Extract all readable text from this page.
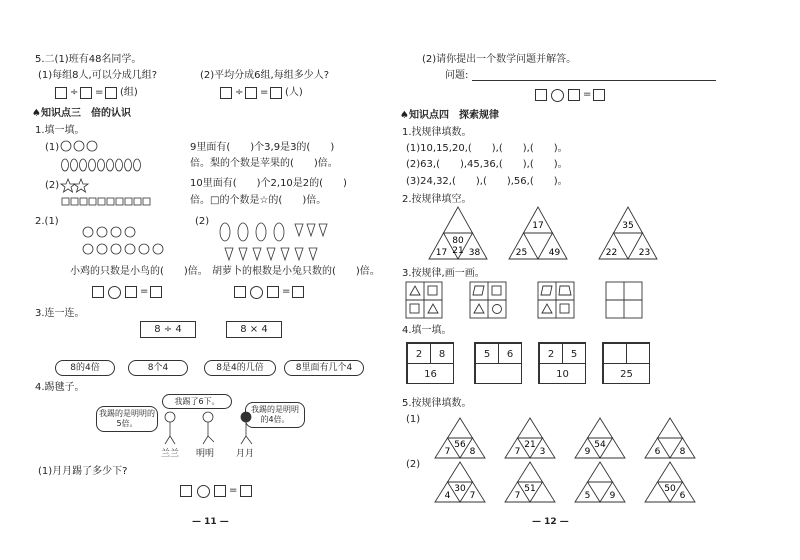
5.二(1)班有48名同学。
(1)每组8人,可以分成几组?	(2)平均分成6组,每组多少人?
÷ = (组)	÷ = (人)
♠知识点三　倍的认识
1.填一填。
(1)	9里面有(　　)个3,9是3的(　　)
倍。梨的个数是苹果的(　　)倍。
(2)	10里面有(　　)个2,10是2的(　　)
倍。□的个数是☆的(　　)倍。
2.(1)	(2)
小鸡的只数是小鸟的(　　)倍。 胡萝卜的根数是小兔只数的(　　)倍。
=	=
3.连一连。
8 ÷ 4	8 × 4
8的4倍	8个4	8是4的几倍	8里面有几个4
4.踢毽子。
我踢了6下。
我踢的是明明的5倍。
我踢的是明明的4倍。
兰兰 明明 月月
(1)月月踢了多少下?
=
— 11 —
(2)请你提出一个数学问题并解答。
问题:
=
♠知识点四　探索规律
1.找规律填数。
(1)10,15,20,(　　),(　　),(　　)。
(2)63,(　　),45,36,(　　),(　　)。
(3)24,32,(　　),(　　),56,(　　)。
2.按规律填空。
80
17 38
21
17
25 49
35
22 23
3.按规律,画一画。
4.填一填。
2	8
16
5	6	2	5
10	25
5.按规律填数。
(1)
(2)
56
7 8
21
7 3
54
9	6 8
30
4 7
51
7	5 9
50
6
— 12 —
